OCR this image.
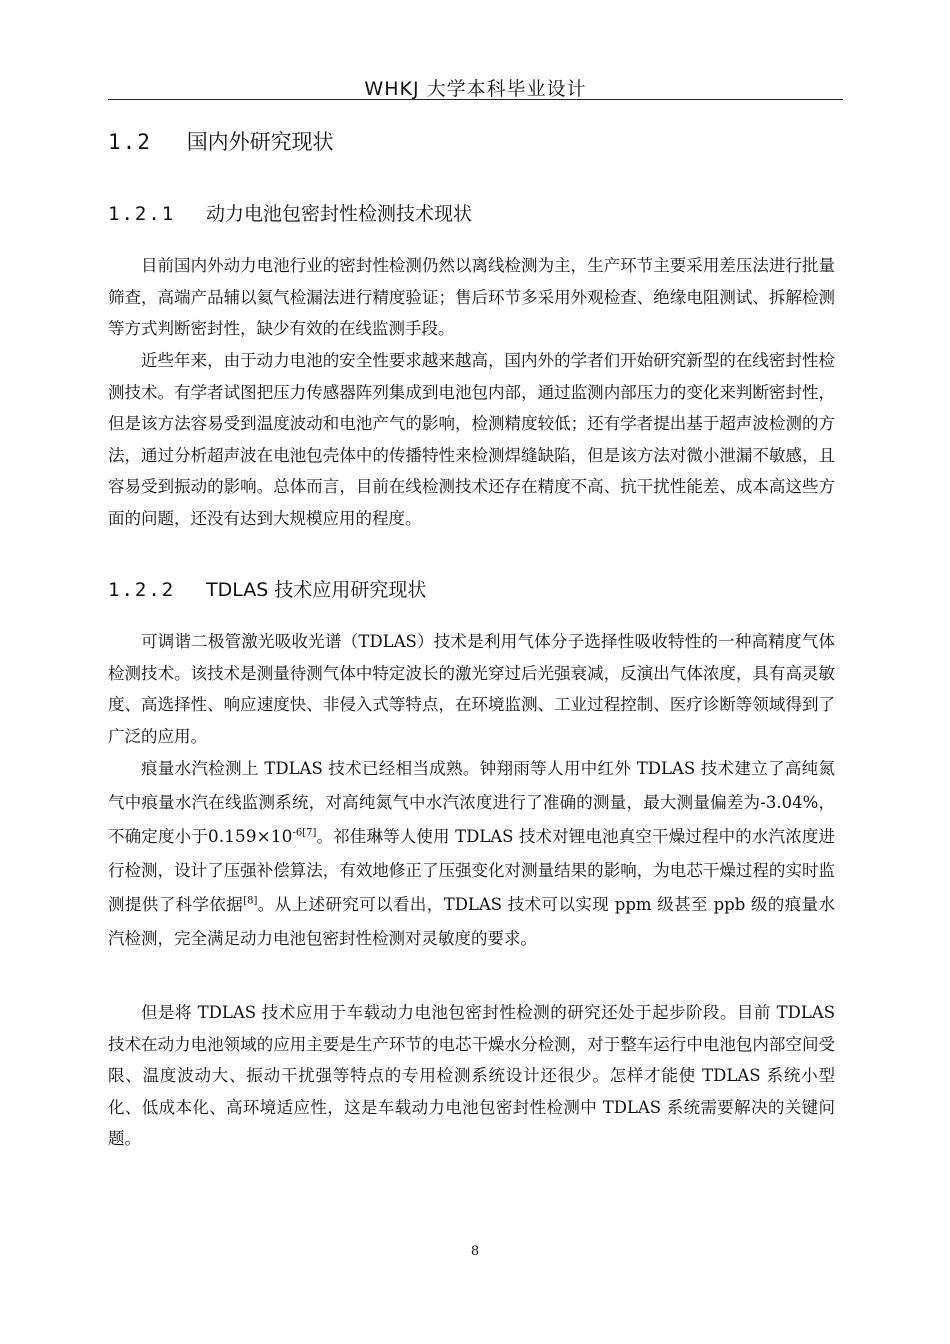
WHKJ 大学本科毕业设计
1.2 国内外研究现状
1.2.1 动力电池包密封性检测技术现状
目前国内外动力电池行业的密封性检测仍然以离线检测为主，生产环节主要采用差压法进行批量筛查，高端产品辅以氦气检漏法进行精度验证；售后环节多采用外观检查、绝缘电阻测试、拆解检测等方式判断密封性，缺少有效的在线监测手段。
近些年来，由于动力电池的安全性要求越来越高，国内外的学者们开始研究新型的在线密封性检测技术。有学者试图把压力传感器阵列集成到电池包内部，通过监测内部压力的变化来判断密封性，但是该方法容易受到温度波动和电池产气的影响，检测精度较低；还有学者提出基于超声波检测的方法，通过分析超声波在电池包壳体中的传播特性来检测焊缝缺陷，但是该方法对微小泄漏不敏感，且容易受到振动的影响。总体而言，目前在线检测技术还存在精度不高、抗干扰性能差、成本高这些方面的问题，还没有达到大规模应用的程度。
1.2.2 TDLAS 技术应用研究现状
可调谐二极管激光吸收光谱（TDLAS）技术是利用气体分子选择性吸收特性的一种高精度气体检测技术。该技术是测量待测气体中特定波长的激光穿过后光强衰减，反演出气体浓度，具有高灵敏度、高选择性、响应速度快、非侵入式等特点，在环境监测、工业过程控制、医疗诊断等领域得到了广泛的应用。
痕量水汽检测上 TDLAS 技术已经相当成熟。钟翔雨等人用中红外 TDLAS 技术建立了高纯氮气中痕量水汽在线监测系统，对高纯氮气中水汽浓度进行了准确的测量，最大测量偏差为-3.04%，不确定度小于$0.159\times 10^{-6[7]}$。祁佳琳等人使用 TDLAS 技术对锂电池真空干燥过程中的水汽浓度进行检测，设计了压强补偿算法，有效地修正了压强变化对测量结果的影响，为电芯干燥过程的实时监测提供了科学依据[8]。从上述研究可以看出，TDLAS 技术可以实现 ppm 级甚至 ppb 级的痕量水汽检测，完全满足动力电池包密封性检测对灵敏度的要求。
但是将 TDLAS 技术应用于车载动力电池包密封性检测的研究还处于起步阶段。目前 TDLAS 技术在动力电池领域的应用主要是生产环节的电芯干燥水分检测，对于整车运行中电池包内部空间受限、温度波动大、振动干扰强等特点的专用检测系统设计还很少。怎样才能使 TDLAS 系统小型化、低成本化、高环境适应性，这是车载动力电池包密封性检测中 TDLAS 系统需要解决的关键问题。
8
